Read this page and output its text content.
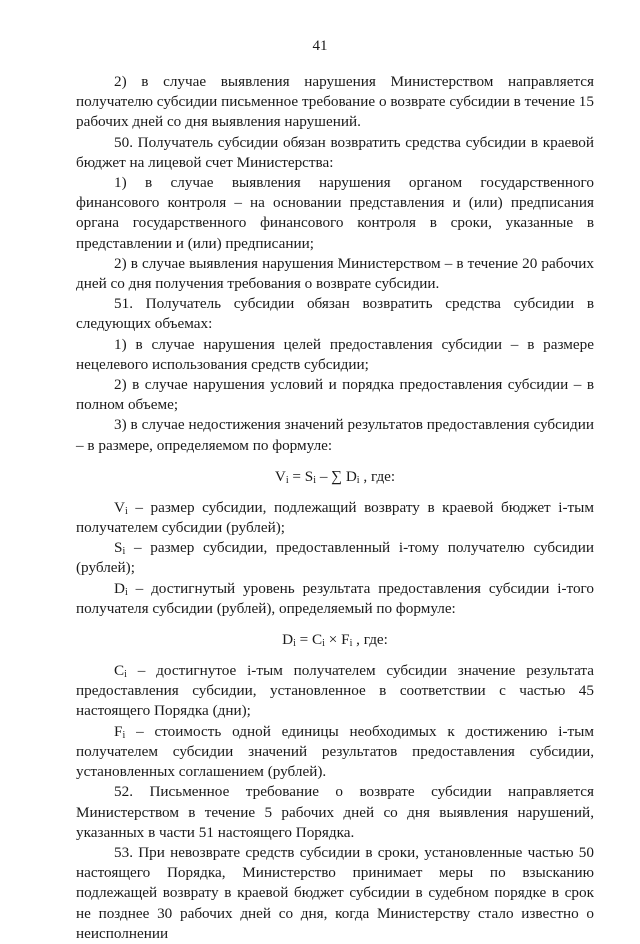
41

2) в случае выявления нарушения Министерством направляется получателю субсидии письменное требование о возврате субсидии в течение 15 рабочих дней со дня выявления нарушений.

50. Получатель субсидии обязан возвратить средства субсидии в краевой бюджет на лицевой счет Министерства:

1) в случае выявления нарушения органом государственного финансового контроля – на основании представления и (или) предписания органа государственного финансового контроля в сроки, указанные в представлении и (или) предписании;

2) в случае выявления нарушения Министерством – в течение 20 рабочих дней со дня получения требования о возврате субсидии.

51. Получатель субсидии обязан возвратить средства субсидии в следующих объемах:

1) в случае нарушения целей предоставления субсидии – в размере нецелевого использования средств субсидии;

2) в случае нарушения условий и порядка предоставления субсидии – в полном объеме;

3) в случае недостижения значений результатов предоставления субсидии – в размере, определяемом по формуле:

$V_i = S_i$ – ∑ $D_i$ , где:

$V_i$ – размер субсидии, подлежащий возврату в краевой бюджет i-тым получателем субсидии (рублей);

$S_i$ – размер субсидии, предоставленный i-тому получателю субсидии (рублей);

$D_i$ – достигнутый уровень результата предоставления субсидии i-того получателя субсидии (рублей), определяемый по формуле:

$D_i = C_i \times F_i$ , где:

$C_i$ – достигнутое i-тым получателем субсидии значение результата предоставления субсидии, установленное в соответствии с частью 45 настоящего Порядка (дни);

$F_i$ – стоимость одной единицы необходимых к достижению i-тым получателем субсидии значений результатов предоставления субсидии, установленных соглашением (рублей).

52. Письменное требование о возврате субсидии направляется Министерством в течение 5 рабочих дней со дня выявления нарушений, указанных в части 51 настоящего Порядка.

53. При невозврате средств субсидии в сроки, установленные частью 50 настоящего Порядка, Министерство принимает меры по взысканию подлежащей возврату в краевой бюджет субсидии в судебном порядке в срок не позднее 30 рабочих дней со дня, когда Министерству стало известно о неисполнении
